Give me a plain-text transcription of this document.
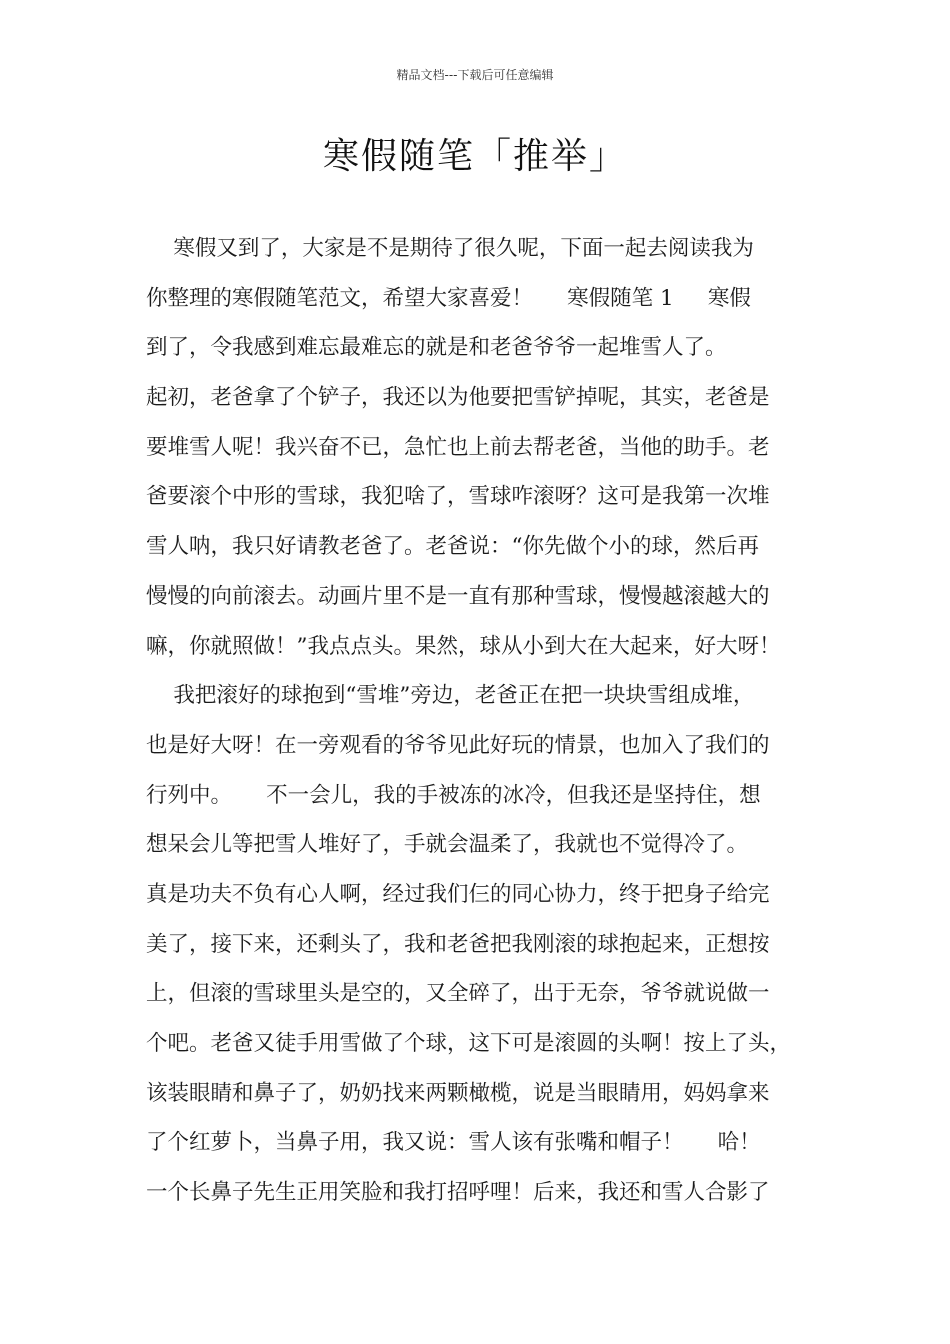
精品文档---下载后可任意编辑
寒假随笔「推举」
寒假又到了，大家是不是期待了很久呢，下面一起去阅读我为
你整理的寒假随笔范文，希望大家喜爱！     寒假随笔 1     寒假
到了，令我感到难忘最难忘的就是和老爸爷爷一起堆雪人了。
起初，老爸拿了个铲子，我还以为他要把雪铲掉呢，其实，老爸是
要堆雪人呢！我兴奋不已，急忙也上前去帮老爸，当他的助手。老
爸要滚个中形的雪球，我犯啥了，雪球咋滚呀？这可是我第一次堆
雪人呐，我只好请教老爸了。老爸说：“你先做个小的球，然后再
慢慢的向前滚去。动画片里不是一直有那种雪球，慢慢越滚越大的
嘛，你就照做！”我点点头。果然，球从小到大在大起来，好大呀！
我把滚好的球抱到“雪堆”旁边，老爸正在把一块块雪组成堆，
也是好大呀！在一旁观看的爷爷见此好玩的情景，也加入了我们的
行列中。     不一会儿，我的手被冻的冰冷，但我还是坚持住，想
想呆会儿等把雪人堆好了，手就会温柔了，我就也不觉得冷了。
真是功夫不负有心人啊，经过我们仨的同心协力，终于把身子给完
美了，接下来，还剩头了，我和老爸把我刚滚的球抱起来，正想按
上，但滚的雪球里头是空的，又全碎了，出于无奈，爷爷就说做一
个吧。老爸又徒手用雪做了个球，这下可是滚圆的头啊！按上了头，
该装眼睛和鼻子了，奶奶找来两颗橄榄，说是当眼睛用，妈妈拿来
了个红萝卜，当鼻子用，我又说：雪人该有张嘴和帽子！     哈！
一个长鼻子先生正用笑脸和我打招呼哩！后来，我还和雪人合影了
